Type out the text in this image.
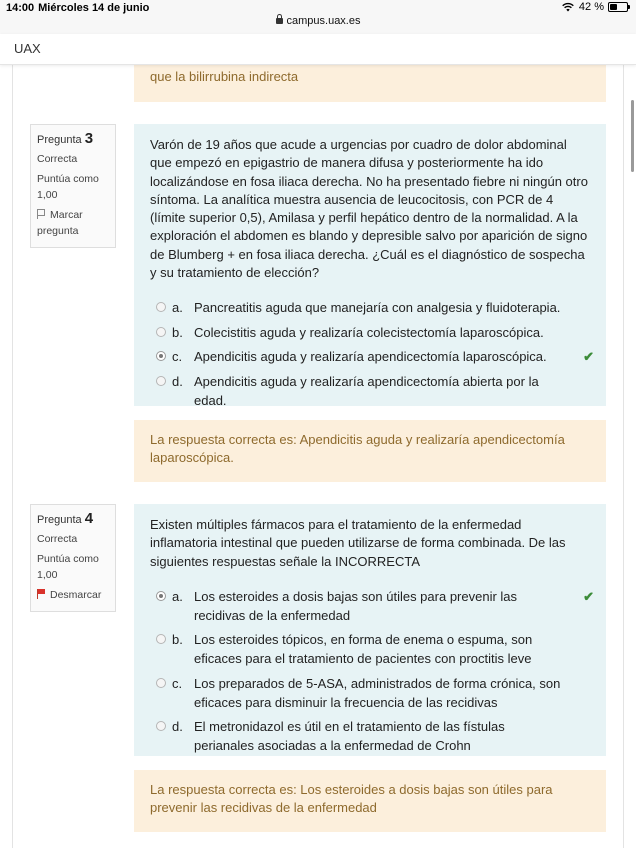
14:00 Miércoles 14 de junio
campus.uax.es
42 %
UAX
que la bilirrubina indirecta
Pregunta 3
Correcta
Puntúa como
1,00
Marcar pregunta
Varón de 19 años que acude a urgencias por cuadro de dolor abdominal que empezó en epigastrio de manera difusa y posteriormente ha ido localizándose en fosa iliaca derecha. No ha presentado fiebre ni ningún otro síntoma. La analítica muestra ausencia de leucocitosis, con PCR de 4 (límite superior 0,5), Amilasa y perfil hepático dentro de la normalidad. A la exploración el abdomen es blando y depresible salvo por aparición de signo de Blumberg + en fosa iliaca derecha. ¿Cuál es el diagnóstico de sospecha y su tratamiento de elección?
a. Pancreatitis aguda que manejaría con analgesia y fluidoterapia.
b. Colecistitis aguda y realizaría colecistectomía laparoscópica.
c. Apendicitis aguda y realizaría apendicectomía laparoscópica.	✔
d. Apendicitis aguda y realizaría apendicectomía abierta por la edad.
La respuesta correcta es: Apendicitis aguda y realizaría apendicectomía laparoscópica.
Pregunta 4
Correcta
Puntúa como
1,00
Desmarcar
Existen múltiples fármacos para el tratamiento de la enfermedad inflamatoria intestinal que pueden utilizarse de forma combinada. De las siguientes respuestas señale la INCORRECTA
a. Los esteroides a dosis bajas son útiles para prevenir las recidivas de la enfermedad
✔
b. Los esteroides tópicos, en forma de enema o espuma, son eficaces para el tratamiento de pacientes con proctitis leve
c. Los preparados de 5-ASA, administrados de forma crónica, son eficaces para disminuir la frecuencia de las recidivas
d. El metronidazol es útil en el tratamiento de las fístulas perianales asociadas a la enfermedad de Crohn
La respuesta correcta es: Los esteroides a dosis bajas son útiles para prevenir las recidivas de la enfermedad
